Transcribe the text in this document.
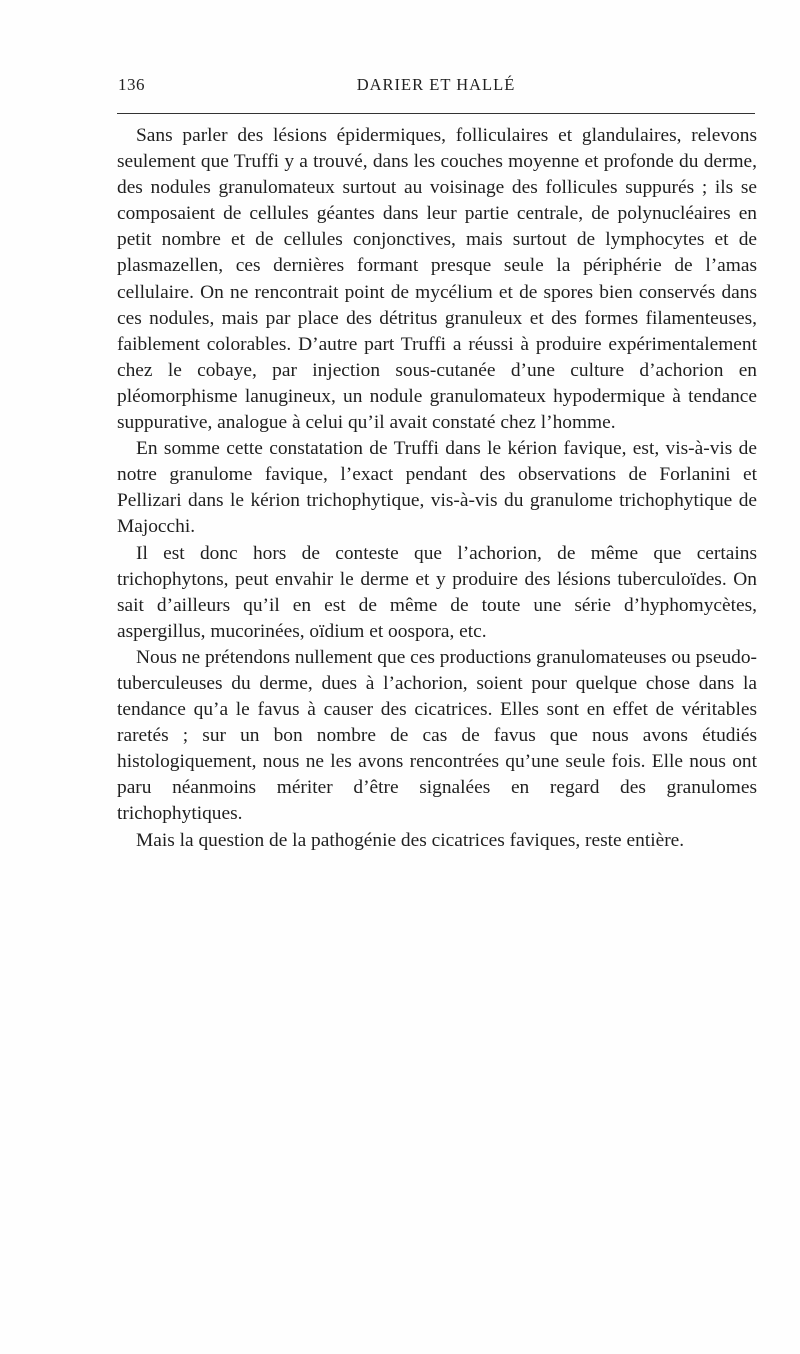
136	DARIER ET HALLÉ

Sans parler des lésions épidermiques, folliculaires et glandulaires, relevons seulement que Truffi y a trouvé, dans les couches moyenne et profonde du derme, des nodules granulomateux surtout au voisinage des follicules suppurés ; ils se composaient de cellules géantes dans leur partie centrale, de polynucléaires en petit nombre et de cellules conjonctives, mais surtout de lymphocytes et de plasmazellen, ces dernières formant presque seule la périphérie de l’amas cellulaire. On ne rencontrait point de mycélium et de spores bien conservés dans ces nodules, mais par place des détritus granuleux et des formes filamenteuses, faiblement colorables. D’autre part Truffi a réussi à produire expérimentalement chez le cobaye, par injection sous-cutanée d’une culture d’achorion en pléomorphisme lanugineux, un nodule granulomateux hypodermique à tendance suppurative, analogue à celui qu’il avait constaté chez l’homme.

En somme cette constatation de Truffi dans le kérion favique, est, vis-à-vis de notre granulome favique, l’exact pendant des observations de Forlanini et Pellizari dans le kérion trichophytique, vis-à-vis du granulome trichophytique de Majocchi.

Il est donc hors de conteste que l’achorion, de même que certains trichophytons, peut envahir le derme et y produire des lésions tuberculoïdes. On sait d’ailleurs qu’il en est de même de toute une série d’hyphomycètes, aspergillus, mucorinées, oïdium et oospora, etc.

Nous ne prétendons nullement que ces productions granulomateuses ou pseudo-tuberculeuses du derme, dues à l’achorion, soient pour quelque chose dans la tendance qu’a le favus à causer des cicatrices. Elles sont en effet de véritables raretés ; sur un bon nombre de cas de favus que nous avons étudiés histologiquement, nous ne les avons rencontrées qu’une seule fois. Elle nous ont paru néanmoins mériter d’être signalées en regard des granulomes trichophytiques.

Mais la question de la pathogénie des cicatrices faviques, reste entière.
